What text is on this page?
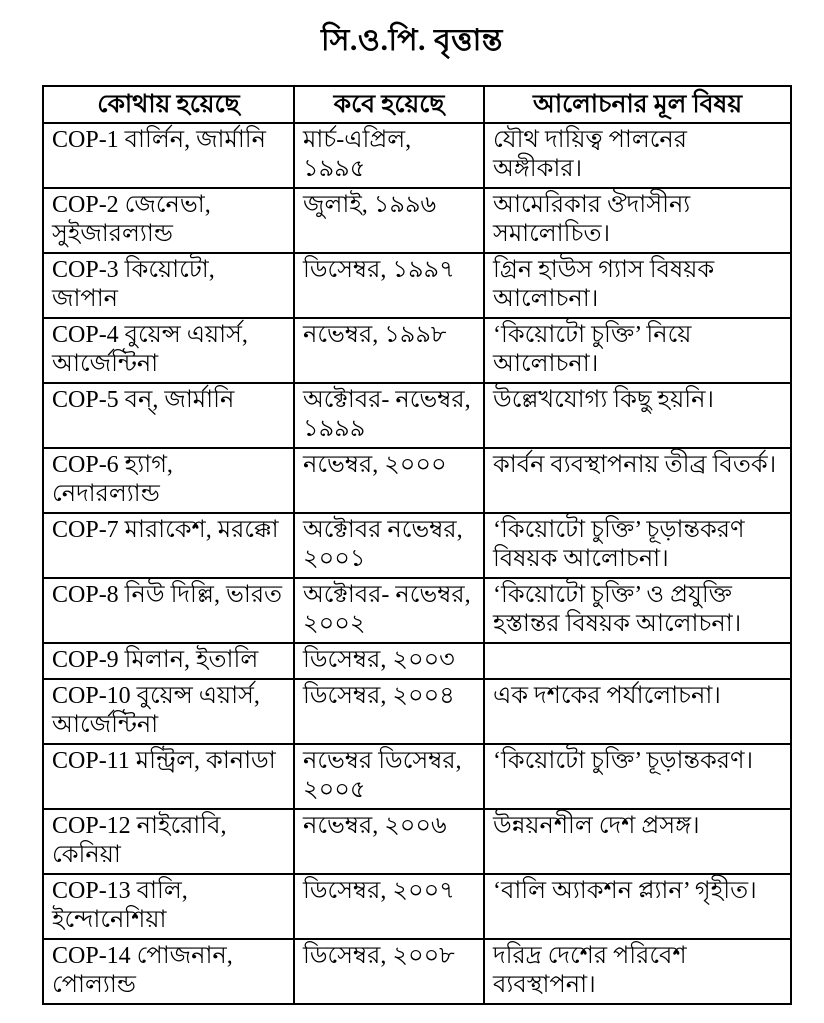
সি.ও.পি. বৃত্তান্ত
কোথায় হয়েছে	কবে হয়েছে	আলোচনার মূল বিষয়
COP-1 বার্লিন, জার্মানি	মার্চ-এপ্রিল, ১৯৯৫	যৌথ দায়িত্ব পালনের অঙ্গীকার।
COP-2 জেনেভা, সুইজারল্যান্ড	জুলাই, ১৯৯৬	আমেরিকার ঔদাসীন্য সমালোচিত।
COP-3 কিয়োটো, জাপান	ডিসেম্বর, ১৯৯৭	গ্রিন হাউস গ্যাস বিষয়ক আলোচনা।
COP-4 বুয়েন্স এয়ার্স, আর্জেন্টিনা	নভেম্বর, ১৯৯৮	‘কিয়োটো চুক্তি’ নিয়ে আলোচনা।
COP-5 বন্, জার্মানি	অক্টোবর- নভেম্বর, ১৯৯৯	উল্লেখযোগ্য কিছু হয়নি।
COP-6 হ্যাগ, নেদারল্যান্ড	নভেম্বর, ২০০০	কার্বন ব্যবস্থাপনায় তীব্র বিতর্ক।
COP-7 মারাকেশ, মরক্কো	অক্টোবর নভেম্বর, ২০০১	‘কিয়োটো চুক্তি’ চূড়ান্তকরণ বিষয়ক আলোচনা।
COP-8 নিউ দিল্লি, ভারত	অক্টোবর- নভেম্বর, ২০০২	‘কিয়োটো চুক্তি’ ও প্রযুক্তি হস্তান্তর বিষয়ক আলোচনা।
COP-9 মিলান, ইতালি	ডিসেম্বর, ২০০৩	
COP-10 বুয়েন্স এয়ার্স, আর্জেন্টিনা	ডিসেম্বর, ২০০৪	এক দশকের পর্যালোচনা।
COP-11 মন্ট্রিল, কানাডা	নভেম্বর ডিসেম্বর, ২০০৫	‘কিয়োটো চুক্তি’ চূড়ান্তকরণ।
COP-12 নাইরোবি, কেনিয়া	নভেম্বর, ২০০৬	উন্নয়নশীল দেশ প্রসঙ্গ।
COP-13 বালি, ইন্দোনেশিয়া	ডিসেম্বর, ২০০৭	‘বালি অ্যাকশন প্ল্যান’ গৃহীত।
COP-14 পোজনান, পোল্যান্ড	ডিসেম্বর, ২০০৮	দরিদ্র দেশের পরিবেশ ব্যবস্থাপনা।
